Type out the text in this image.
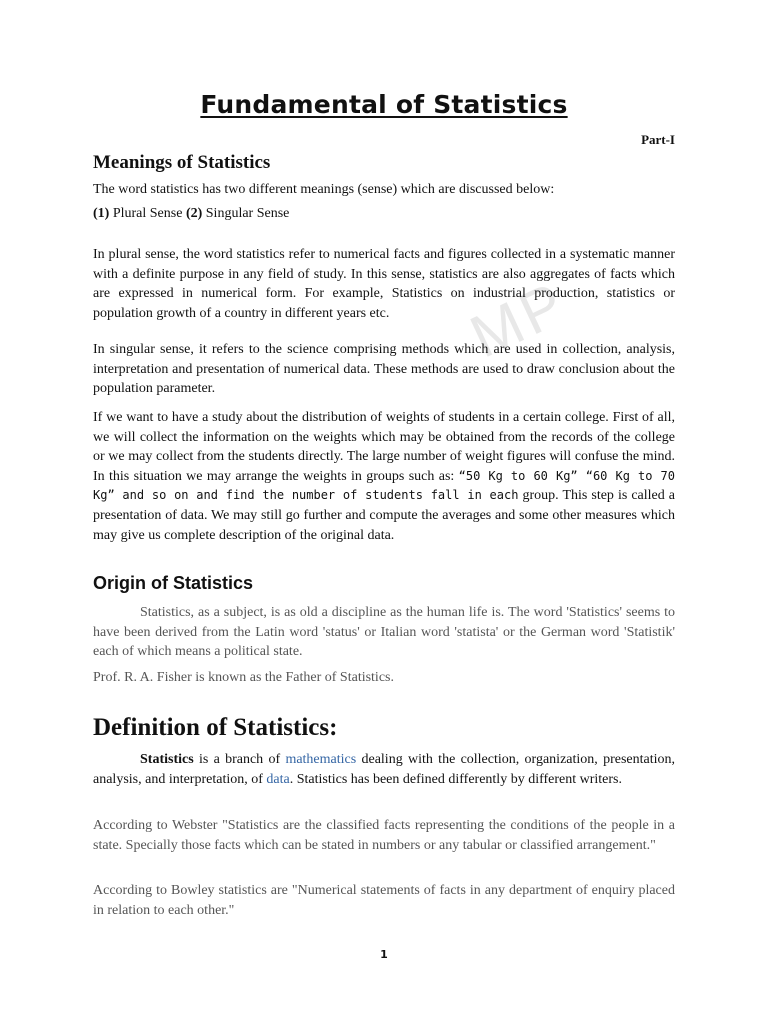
MP
Fundamental of Statistics
Part-I
Meanings of Statistics

The word statistics has two different meanings (sense) which are discussed below:

(1) Plural Sense (2) Singular Sense

In plural sense, the word statistics refer to numerical facts and figures collected in a systematic manner with a definite purpose in any field of study. In this sense, statistics are also aggregates of facts which are expressed in numerical form. For example, Statistics on industrial production, statistics or population growth of a country in different years etc.

In singular sense, it refers to the science comprising methods which are used in collection, analysis, interpretation and presentation of numerical data. These methods are used to draw conclusion about the population parameter.

If we want to have a study about the distribution of weights of students in a certain college. First of all, we will collect the information on the weights which may be obtained from the records of the college or we may collect from the students directly. The large number of weight figures will confuse the mind. In this situation we may arrange the weights in groups such as: “50 Kg to 60 Kg” “60 Kg to 70 Kg” and so on and find the number of students fall in each group. This step is called a presentation of data. We may still go further and compute the averages and some other measures which may give us complete description of the original data.

Origin of Statistics

Statistics, as a subject, is as old a discipline as the human life is. The word 'Statistics' seems to have been derived from the Latin word 'status' or Italian word 'statista' or the German word 'Statistik' each of which means a political state.

Prof. R. A. Fisher is known as the Father of Statistics.

Definition of Statistics:

Statistics is a branch of mathematics dealing with the collection, organization, presentation, analysis, and interpretation, of data. Statistics has been defined differently by different writers.

According to Webster "Statistics are the classified facts representing the conditions of the people in a state. Specially those facts which can be stated in numbers or any tabular or classified arrangement."

According to Bowley statistics are "Numerical statements of facts in any department of enquiry placed in relation to each other."

1
